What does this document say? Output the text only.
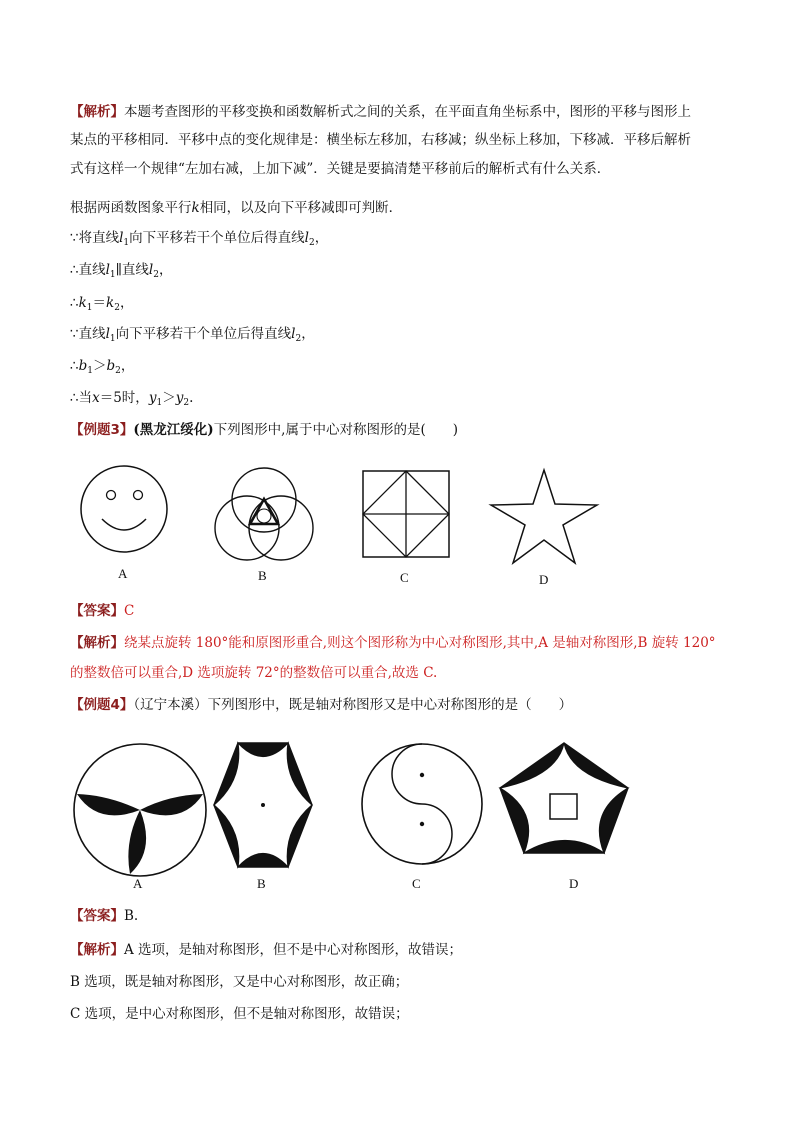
【解析】本题考查图形的平移变换和函数解析式之间的关系，在平面直角坐标系中，图形的平移与图形上
某点的平移相同．平移中点的变化规律是：横坐标左移加，右移减；纵坐标上移加，下移减．平移后解析
式有这样一个规律“左加右减，上加下减”．关键是要搞清楚平移前后的解析式有什么关系．
根据两函数图象平行k相同，以及向下平移减即可判断．
∵将直线$l_1$向下平移若干个单位后得直线$l_2$，
∴直线$l_1\parallel$直线$l_2$，
$\therefore k_1=k_2$，
∵直线$l_1$向下平移若干个单位后得直线$l_2$，
$\therefore b_1>b_2$，
∴当x＝5时，$y_1>y_2$.
【例题3】(黑龙江绥化)下列图形中,属于中心对称图形的是(　　)
A	B	C	D
【答案】C
【解析】绕某点旋转 180°能和原图形重合,则这个图形称为中心对称图形,其中,A 是轴对称图形,B 旋转 120°
的整数倍可以重合,D 选项旋转 72°的整数倍可以重合,故选 C.
【例题4】（辽宁本溪）下列图形中，既是轴对称图形又是中心对称图形的是（　　）
A	B	C	D
【答案】B.
【解析】A 选项，是轴对称图形，但不是中心对称图形，故错误；
B 选项，既是轴对称图形，又是中心对称图形，故正确；
C 选项，是中心对称图形，但不是轴对称图形，故错误；
